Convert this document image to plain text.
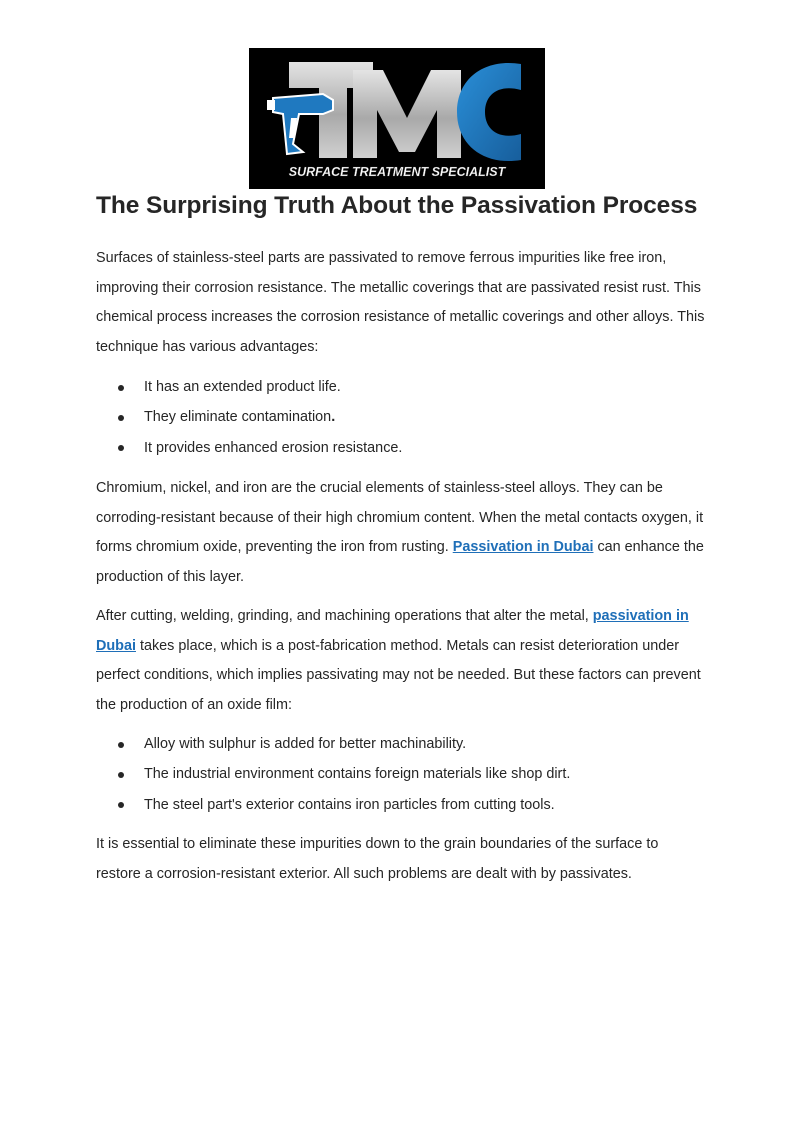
SURFACE TREATMENT SPECIALIST
The Surprising Truth About the Passivation Process

Surfaces of stainless-steel parts are passivated to remove ferrous impurities like free iron, improving their corrosion resistance. The metallic coverings that are passivated resist rust. This chemical process increases the corrosion resistance of metallic coverings and other alloys. This technique has various advantages:

It has an extended product life.
They eliminate contamination.
It provides enhanced erosion resistance.

Chromium, nickel, and iron are the crucial elements of stainless-steel alloys. They can be corroding-resistant because of their high chromium content. When the metal contacts oxygen, it forms chromium oxide, preventing the iron from rusting. Passivation in Dubai can enhance the production of this layer.

After cutting, welding, grinding, and machining operations that alter the metal, passivation in Dubai takes place, which is a post-fabrication method. Metals can resist deterioration under perfect conditions, which implies passivating may not be needed. But these factors can prevent the production of an oxide film:

Alloy with sulphur is added for better machinability.
The industrial environment contains foreign materials like shop dirt.
The steel part's exterior contains iron particles from cutting tools.

It is essential to eliminate these impurities down to the grain boundaries of the surface to restore a corrosion-resistant exterior. All such problems are dealt with by passivates.
